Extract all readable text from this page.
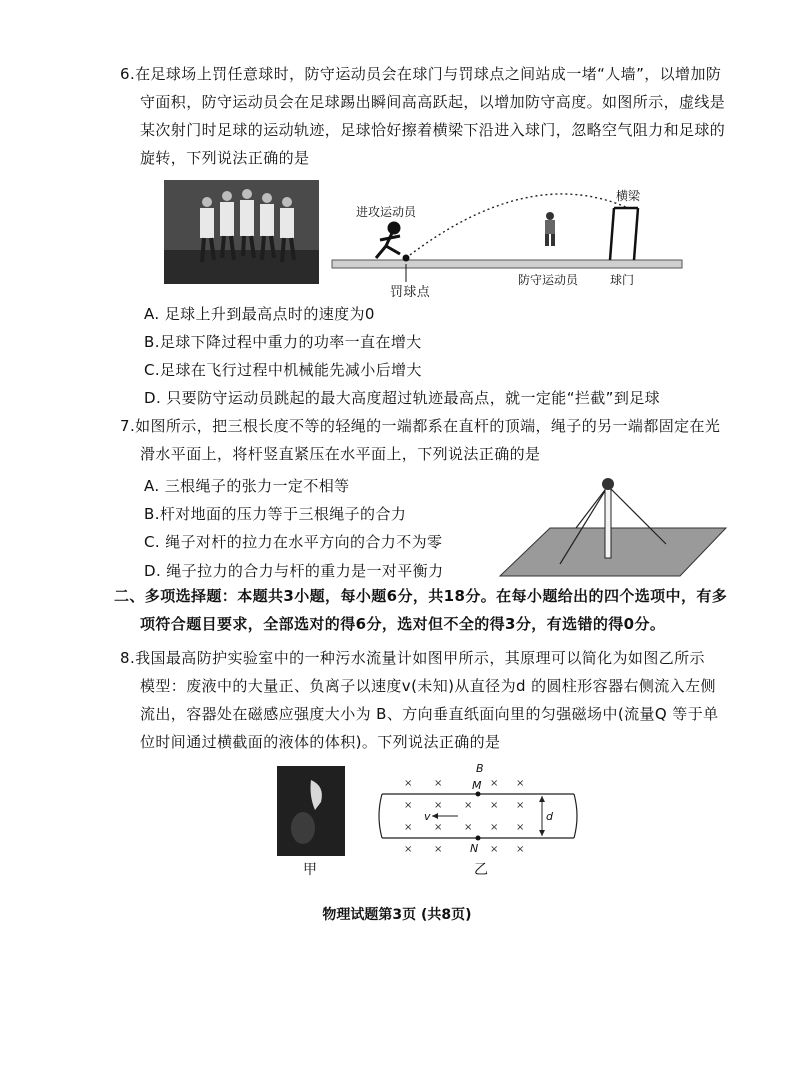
6.在足球场上罚任意球时，防守运动员会在球门与罚球点之间站成一堵“人墙”，以增加防
守面积，防守运动员会在足球踢出瞬间高高跃起，以增加防守高度。如图所示，虚线是
某次射门时足球的运动轨迹，足球恰好擦着横梁下沿进入球门，忽略空气阻力和足球的
旋转，下列说法正确的是
进攻运动员
横梁
防守运动员	球门
罚球点
A. 足球上升到最高点时的速度为0
B.足球下降过程中重力的功率一直在增大
C.足球在飞行过程中机械能先减小后增大
D. 只要防守运动员跳起的最大高度超过轨迹最高点，就一定能“拦截”到足球
7.如图所示，把三根长度不等的轻绳的一端都系在直杆的顶端，绳子的另一端都固定在光
滑水平面上，将杆竖直紧压在水平面上，下列说法正确的是
A. 三根绳子的张力一定不相等
B.杆对地面的压力等于三根绳子的合力
C. 绳子对杆的拉力在水平方向的合力不为零
D. 绳子拉力的合力与杆的重力是一对平衡力
二、多项选择题：本题共3小题，每小题6分，共18分。在每小题给出的四个选项中，有多
项符合题目要求，全部选对的得6分，选对但不全的得3分，有选错的得0分。
8.我国最高防护实验室中的一种污水流量计如图甲所示，其原理可以简化为如图乙所示
模型：废液中的大量正、负离子以速度v(未知)从直径为d 的圆柱形容器右侧流入左侧
流出，容器处在磁感应强度大小为 B、方向垂直纸面向里的匀强磁场中(流量Q 等于单
位时间通过横截面的液体的体积)。下列说法正确的是
甲
× ×	× ×
× × × × ×
× × × × ×
× ×	× ×
B
M
N
v	d
乙
物理试题第3页 (共8页)
